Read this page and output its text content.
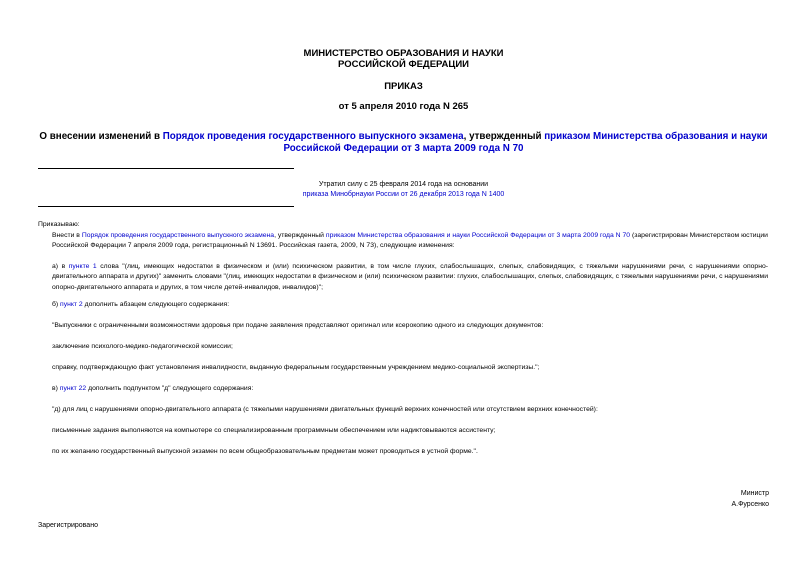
МИНИСТЕРСТВО ОБРАЗОВАНИЯ И НАУКИ
РОССИЙСКОЙ ФЕДЕРАЦИИ
ПРИКАЗ
от 5 апреля 2010 года N 265
О внесении изменений в Порядок проведения государственного выпускного экзамена, утвержденный приказом Министерства образования и науки Российской Федерации от 3 марта 2009 года N 70
Утратил силу с 25 февраля 2014 года на основании
приказа Минобрнауки России от 26 декабря 2013 года N 1400
Приказываю:
Внести в Порядок проведения государственного выпускного экзамена, утвержденный приказом Министерства образования и науки Российской Федерации от 3 марта 2009 года N 70 (зарегистрирован Министерством юстиции Российской Федерации 7 апреля 2009 года, регистрационный N 13691. Российская газета, 2009, N 73), следующие изменения:
а) в пункте 1 слова "(лиц, имеющих недостатки в физическом и (или) психическом развитии, в том числе глухих, слабослышащих, слепых, слабовидящих, с тяжелыми нарушениями речи, с нарушениями опорно-двигательного аппарата и других)" заменить словами "(лиц, имеющих недостатки в физическом и (или) психическом развитии: глухих, слабослышащих, слепых, слабовидящих, с тяжелыми нарушениями речи, с нарушениями опорно-двигательного аппарата и других, в том числе детей-инвалидов, инвалидов)";
б) пункт 2 дополнить абзацем следующего содержания:
"Выпускники с ограниченными возможностями здоровья при подаче заявления представляют оригинал или ксерокопию одного из следующих документов:
заключение психолого-медико-педагогической комиссии;
справку, подтверждающую факт установления инвалидности, выданную федеральным государственным учреждением медико-социальной экспертизы.";
в) пункт 22 дополнить подпунктом "д" следующего содержания:
"д) для лиц с нарушениями опорно-двигательного аппарата (с тяжелыми нарушениями двигательных функций верхних конечностей или отсутствием верхних конечностей):
письменные задания выполняются на компьютере со специализированным программным обеспечением или надиктовываются ассистенту;
по их желанию государственный выпускной экзамен по всем общеобразовательным предметам может проводиться в устной форме.".
Министр
А.Фурсенко
Зарегистрировано
